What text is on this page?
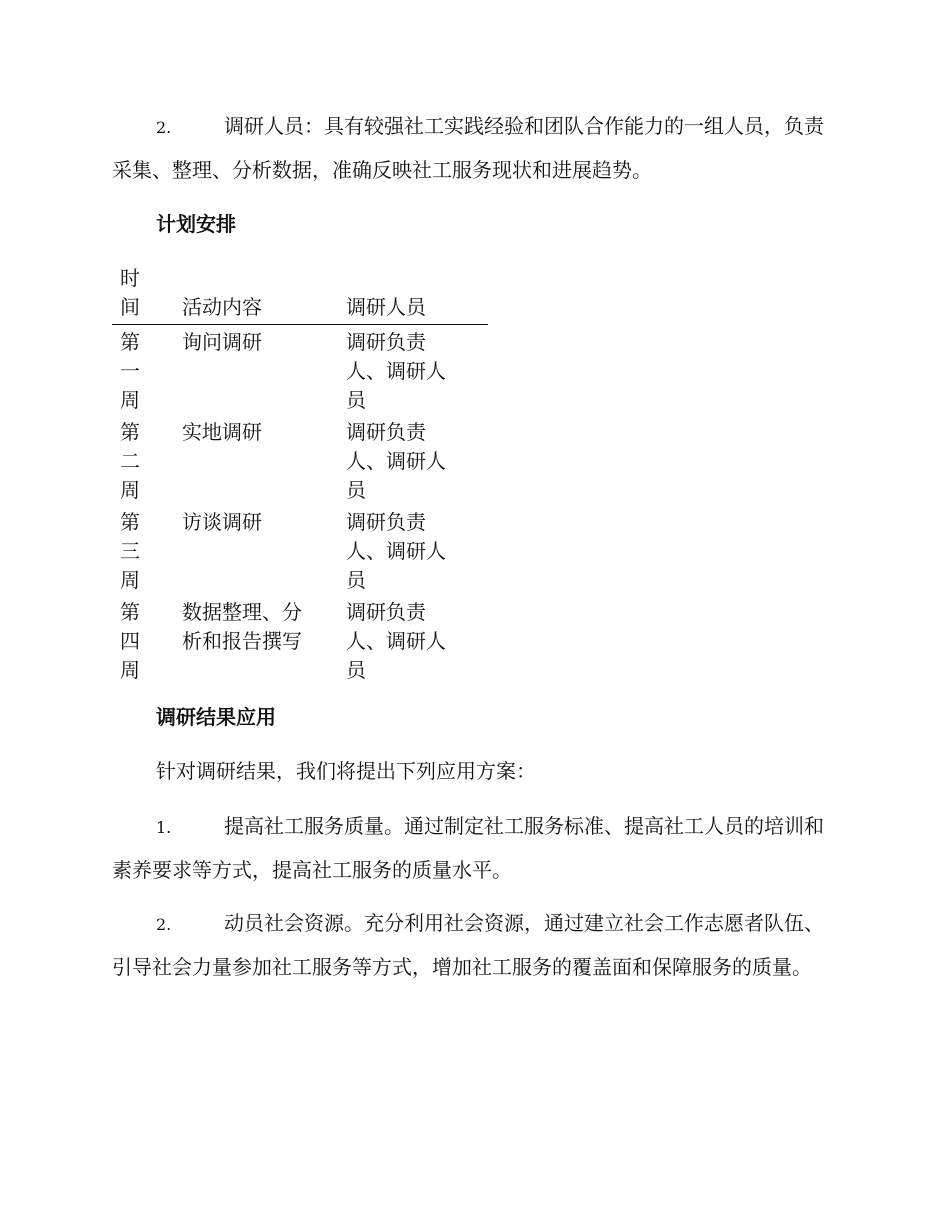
2.	调研人员：具有较强社工实践经验和团队合作能力的一组人员，负责采集、整理、分析数据，准确反映社工服务现状和进展趋势。

计划安排
时间	活动内容	调研人员

第一周	询问调研	调研负责人、调研人员

第二周	实地调研	调研负责人、调研人员

第三周	访谈调研	调研负责人、调研人员

第四周	数据整理、分析和报告撰写	调研负责人、调研人员
调研结果应用

针对调研结果，我们将提出下列应用方案：

1.	提高社工服务质量。通过制定社工服务标准、提高社工人员的培训和素养要求等方式，提高社工服务的质量水平。

2.	动员社会资源。充分利用社会资源，通过建立社会工作志愿者队伍、引导社会力量参加社工服务等方式，增加社工服务的覆盖面和保障服务的质量。
